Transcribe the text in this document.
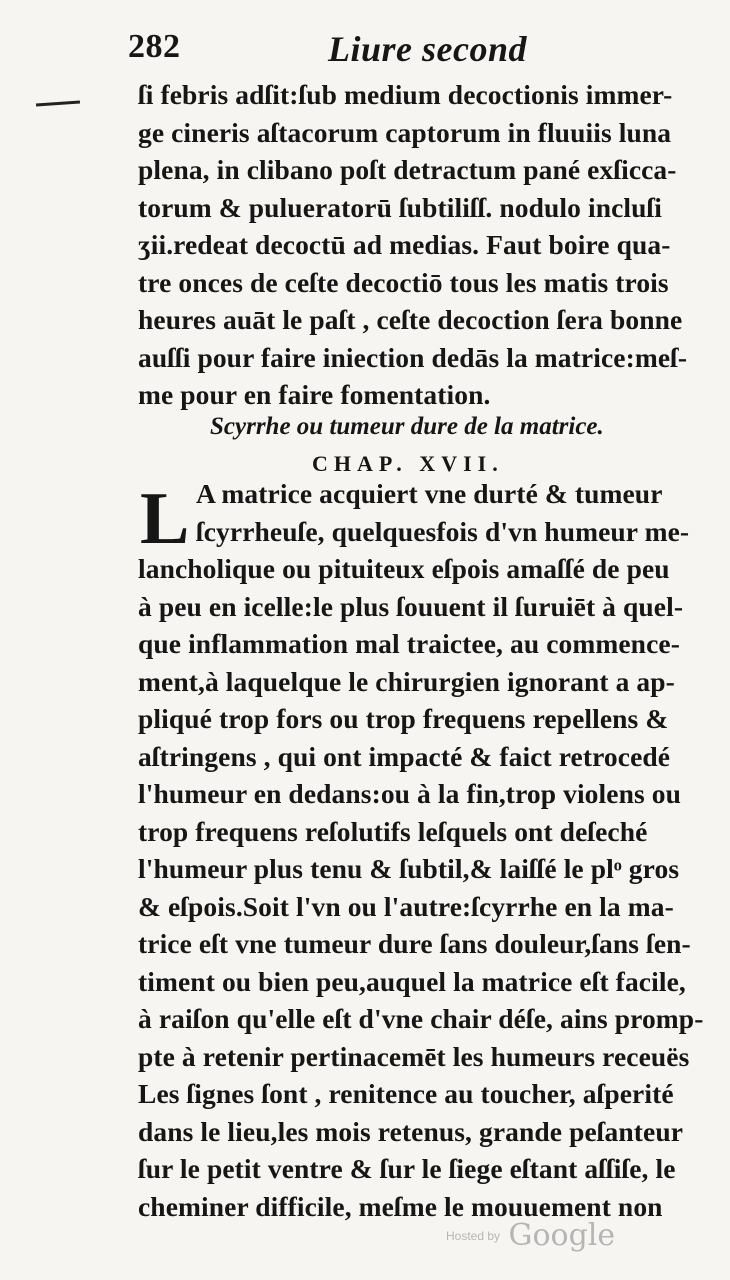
282	Liure second
ſi febris adſit:ſub medium decoctionis immer-
ge cineris aſtacorum captorum in fluuiis luna
plena, in clibano poſt detractum pané exſicca-
torum & pulueratorū ſubtiliſſ. nodulo incluſi
ʒii.redeat decoctū ad medias. Faut boire qua-
tre onces de ceſte decoctiō tous les matis trois
heures auāt le paſt , ceſte decoction ſera bonne
auſſi pour faire iniection dedās la matrice:meſ-
me pour en faire fomentation.
Scyrrhe ou tumeur dure de la matrice.
CHAP. XVII.
L A matrice acquiert vne durté & tumeur
ſcyrrheuſe, quelquesfois d'vn humeur me-
lancholique ou pituiteux eſpois amaſſé de peu
à peu en icelle:le plus ſouuent il ſuruiēt à quel-
que inflammation mal traictee, au commence-
ment,à laquelque le chirurgien ignorant a ap-
pliqué trop fors ou trop frequens repellens &
aſtringens , qui ont impacté & faict retrocedé
l'humeur en dedans:ou à la fin,trop violens ou
trop frequens reſolutifs leſquels ont deſeché
l'humeur plus tenu & ſubtil,& laiſſé le plᵒ gros
& eſpois.Soit l'vn ou l'autre:ſcyrrhe en la ma-
trice eſt vne tumeur dure ſans douleur,ſans ſen-
timent ou bien peu,auquel la matrice eſt facile,
à raiſon qu'elle eſt d'vne chair déſe, ains promp-
pte à retenir pertinacemēt les humeurs receuës
Les ſignes ſont , renitence au toucher, aſperité
dans le lieu,les mois retenus, grande peſanteur
ſur le petit ventre & ſur le ſiege eſtant aſſiſe, le
cheminer difficile, meſme le mouuement non
Hosted by Google
